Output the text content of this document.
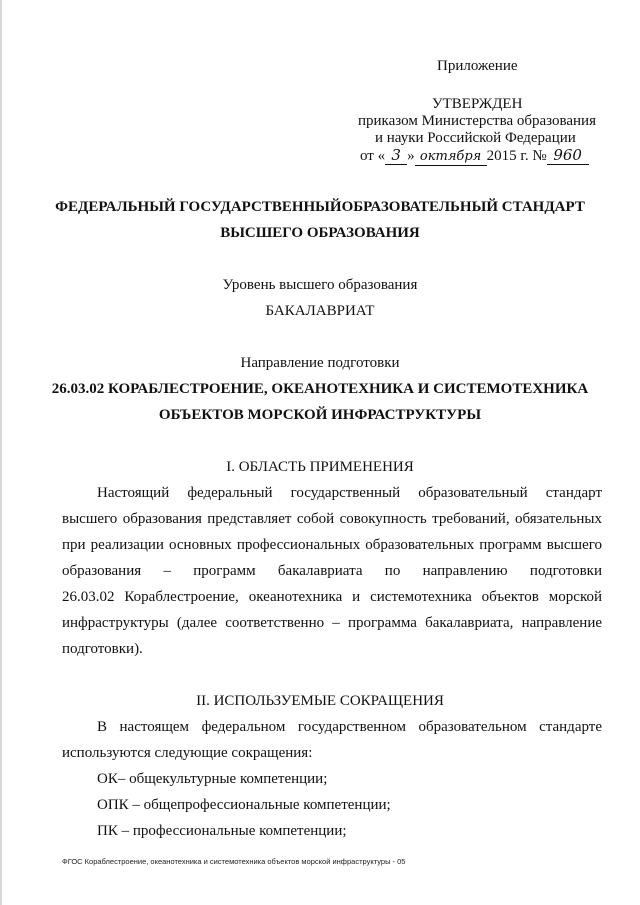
Приложение
УТВЕРЖДЕН
приказом Министерства образования
и науки Российской Федерации
от « 3 » октября 2015 г. № 960
ФЕДЕРАЛЬНЫЙ ГОСУДАРСТВЕННЫЙОБРАЗОВАТЕЛЬНЫЙ СТАНДАРТ
ВЫСШЕГО ОБРАЗОВАНИЯ
Уровень высшего образования
БАКАЛАВРИАТ
Направление подготовки
26.03.02 КОРАБЛЕСТРОЕНИЕ, ОКЕАНОТЕХНИКА И СИСТЕМОТЕХНИКА
ОБЪЕКТОВ МОРСКОЙ ИНФРАСТРУКТУРЫ
I. ОБЛАСТЬ ПРИМЕНЕНИЯ
Настоящий федеральный государственный образовательный стандарт
высшего образования представляет собой совокупность требований, обязательных
при реализации основных профессиональных образовательных программ высшего
образования – программ бакалавриата по направлению подготовки
26.03.02 Кораблестроение, океанотехника и системотехника объектов морской
инфраструктуры (далее соответственно – программа бакалавриата, направление
подготовки).
II. ИСПОЛЬЗУЕМЫЕ СОКРАЩЕНИЯ
В настоящем федеральном государственном образовательном стандарте
используются следующие сокращения:
ОК– общекультурные компетенции;
ОПК – общепрофессиональные компетенции;
ПК – профессиональные компетенции;
ФГОС Кораблестроение, океанотехника и системотехника объектов морской инфраструктуры - 05
